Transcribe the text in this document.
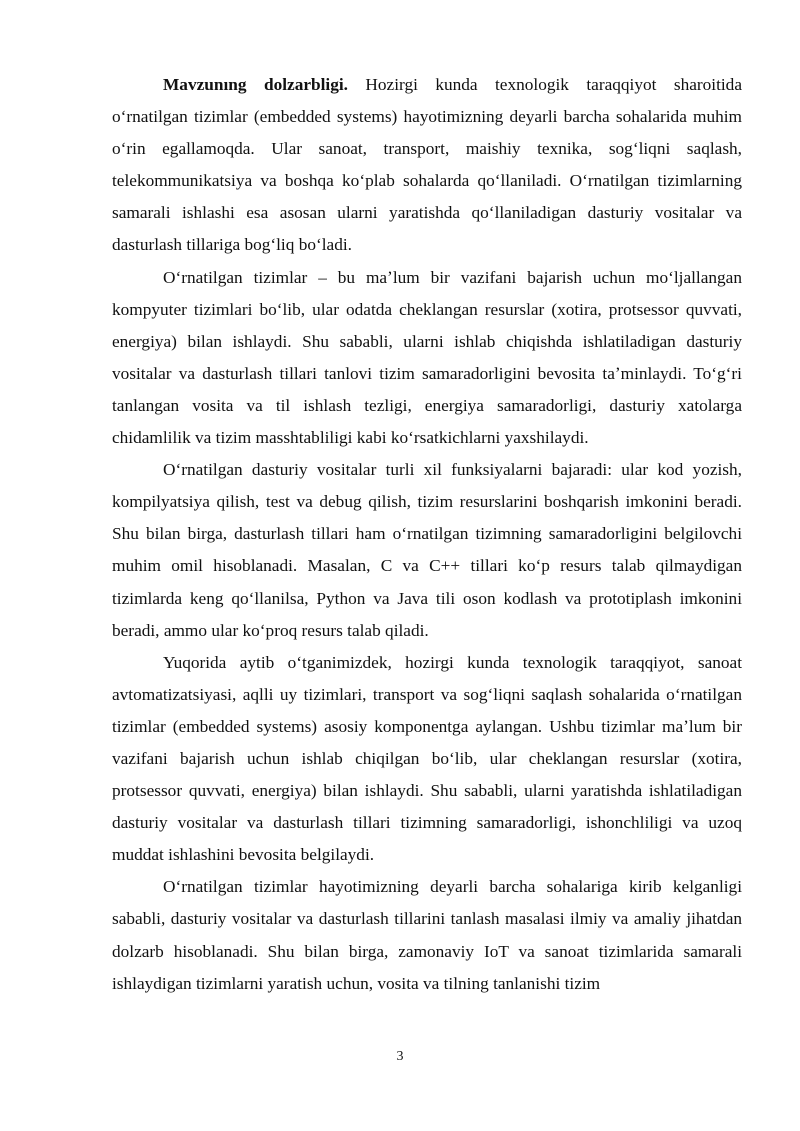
Mavzunıng dolzarbligi. Hozirgi kunda texnologik taraqqiyot sharoitida oʻrnatilgan tizimlar (embedded systems) hayotimizning deyarli barcha sohalarida muhim oʻrin egallamoqda. Ular sanoat, transport, maishiy texnika, sogʻliqni saqlash, telekommunikatsiya va boshqa koʻplab sohalarda qoʻllaniladi. Oʻrnatilgan tizimlarning samarali ishlashi esa asosan ularni yaratishda qoʻllaniladigan dasturiy vositalar va dasturlash tillariga bogʻliq boʻladi.

Oʻrnatilgan tizimlar – bu maʼlum bir vazifani bajarish uchun moʻljallangan kompyuter tizimlari boʻlib, ular odatda cheklangan resurslar (xotira, protsessor quvvati, energiya) bilan ishlaydi. Shu sababli, ularni ishlab chiqishda ishlatiladigan dasturiy vositalar va dasturlash tillari tanlovi tizim samaradorligini bevosita taʼminlaydi. Toʻgʻri tanlangan vosita va til ishlash tezligi, energiya samaradorligi, dasturiy xatolarga chidamlilik va tizim masshtabliligi kabi koʻrsatkichlarni yaxshilaydi.

Oʻrnatilgan dasturiy vositalar turli xil funksiyalarni bajaradi: ular kod yozish, kompilyatsiya qilish, test va debug qilish, tizim resurslarini boshqarish imkonini beradi. Shu bilan birga, dasturlash tillari ham oʻrnatilgan tizimning samaradorligini belgilovchi muhim omil hisoblanadi. Masalan, C va C++ tillari koʻp resurs talab qilmaydigan tizimlarda keng qoʻllanilsa, Python va Java tili oson kodlash va prototiplash imkonini beradi, ammo ular koʻproq resurs talab qiladi.

Yuqorida aytib oʻtganimizdek, hozirgi kunda texnologik taraqqiyot, sanoat avtomatizatsiyasi, aqlli uy tizimlari, transport va sogʻliqni saqlash sohalarida oʻrnatilgan tizimlar (embedded systems) asosiy komponentga aylangan. Ushbu tizimlar maʼlum bir vazifani bajarish uchun ishlab chiqilgan boʻlib, ular cheklangan resurslar (xotira, protsessor quvvati, energiya) bilan ishlaydi. Shu sababli, ularni yaratishda ishlatiladigan dasturiy vositalar va dasturlash tillari tizimning samaradorligi, ishonchliligi va uzoq muddat ishlashini bevosita belgilaydi.

Oʻrnatilgan tizimlar hayotimizning deyarli barcha sohalariga kirib kelganligi sababli, dasturiy vositalar va dasturlash tillarini tanlash masalasi ilmiy va amaliy jihatdan dolzarb hisoblanadi. Shu bilan birga, zamonaviy IoT va sanoat tizimlarida samarali ishlaydigan tizimlarni yaratish uchun, vosita va tilning tanlanishi tizim

3
